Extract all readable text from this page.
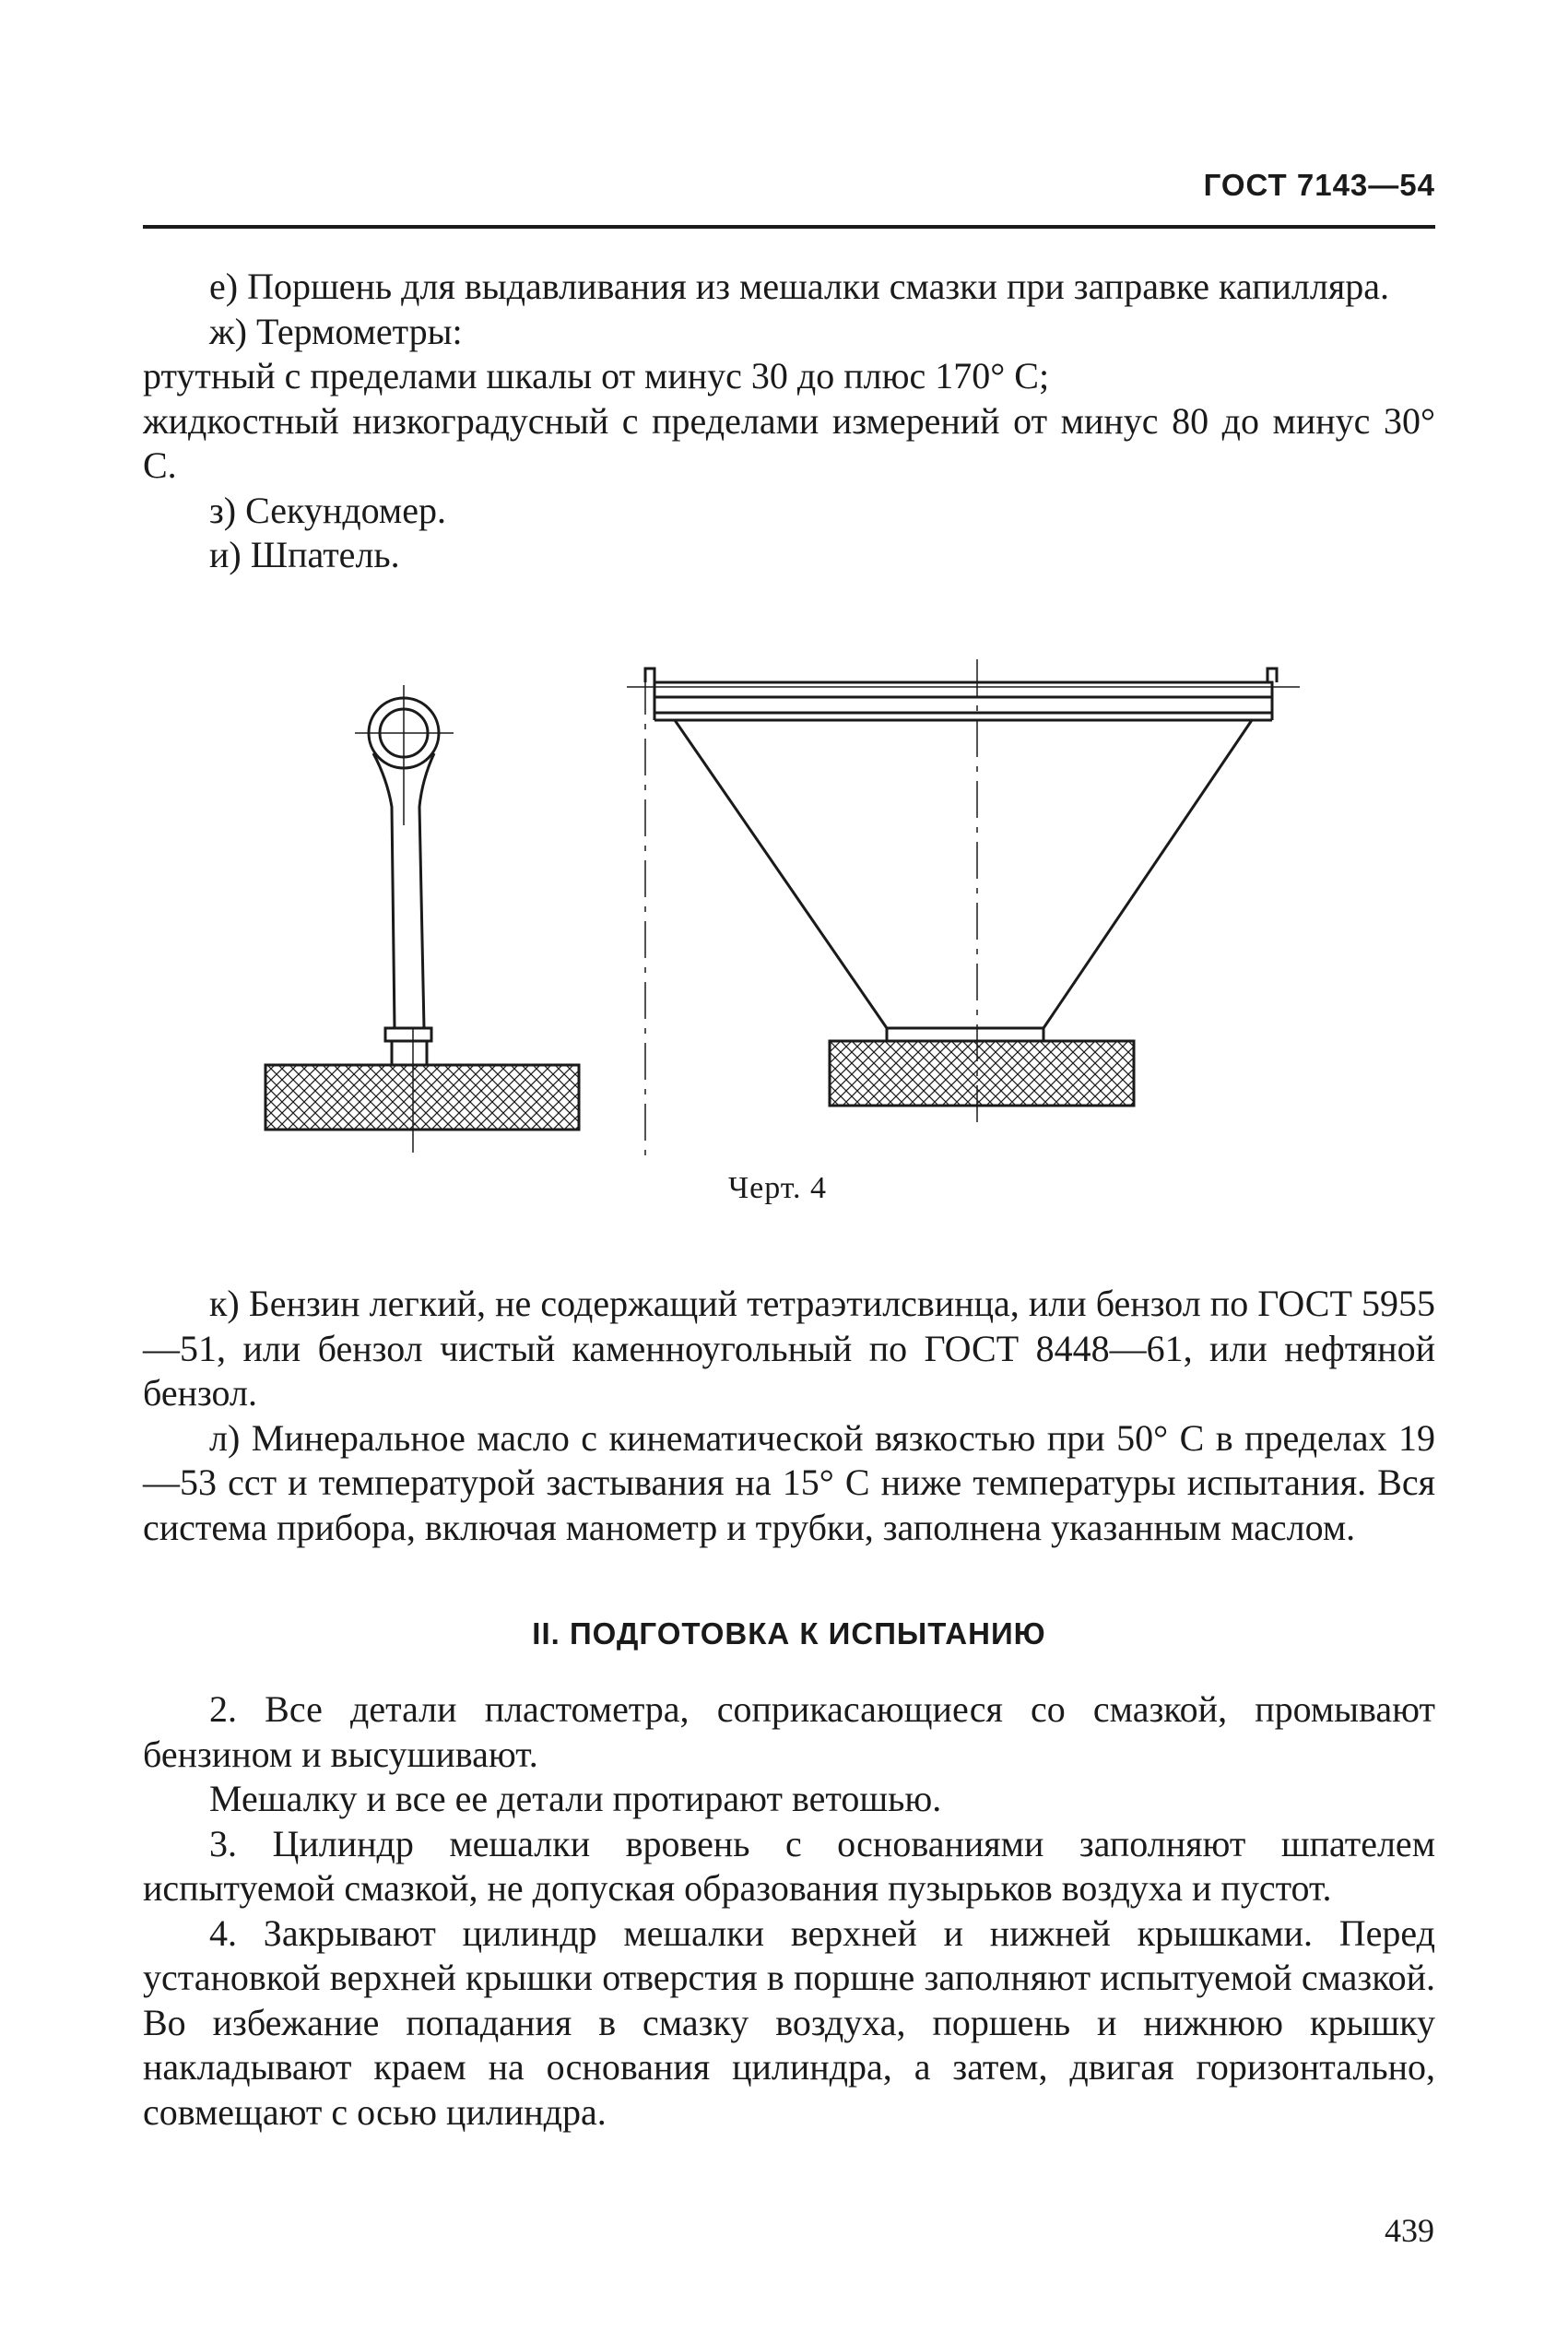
ГОСТ 7143—54

е) Поршень для выдавливания из мешалки смазки при заправке капилляра.

ж) Термометры:

ртутный с пределами шкалы от минус 30 до плюс 170° С;

жидкостный низкоградусный с пределами измерений от минус 80 до минус 30° С.

з) Секундомер.

и) Шпатель.

Черт. 4

к) Бензин легкий, не содержащий тетраэтилсвинца, или бензол по ГОСТ 5955—51, или бензол чистый каменноугольный по ГОСТ 8448—61, или нефтяной бензол.

л) Минеральное масло с кинематической вязкостью при 50° С в пределах 19—53 сст и температурой застывания на 15° С ниже температуры испытания. Вся система прибора, включая манометр и трубки, заполнена указанным маслом.

II. ПОДГОТОВКА К ИСПЫТАНИЮ

2. Все детали пластометра, соприкасающиеся со смазкой, промывают бензином и высушивают.

Мешалку и все ее детали протирают ветошью.

3. Цилиндр мешалки вровень с основаниями заполняют шпателем испытуемой смазкой, не допуская образования пузырьков воздуха и пустот.

4. Закрывают цилиндр мешалки верхней и нижней крышками. Перед установкой верхней крышки отверстия в поршне заполняют испытуемой смазкой. Во избежание попадания в смазку воздуха, поршень и нижнюю крышку накладывают краем на основания цилиндра, а затем, двигая горизонтально, совмещают с осью цилиндра.

439
